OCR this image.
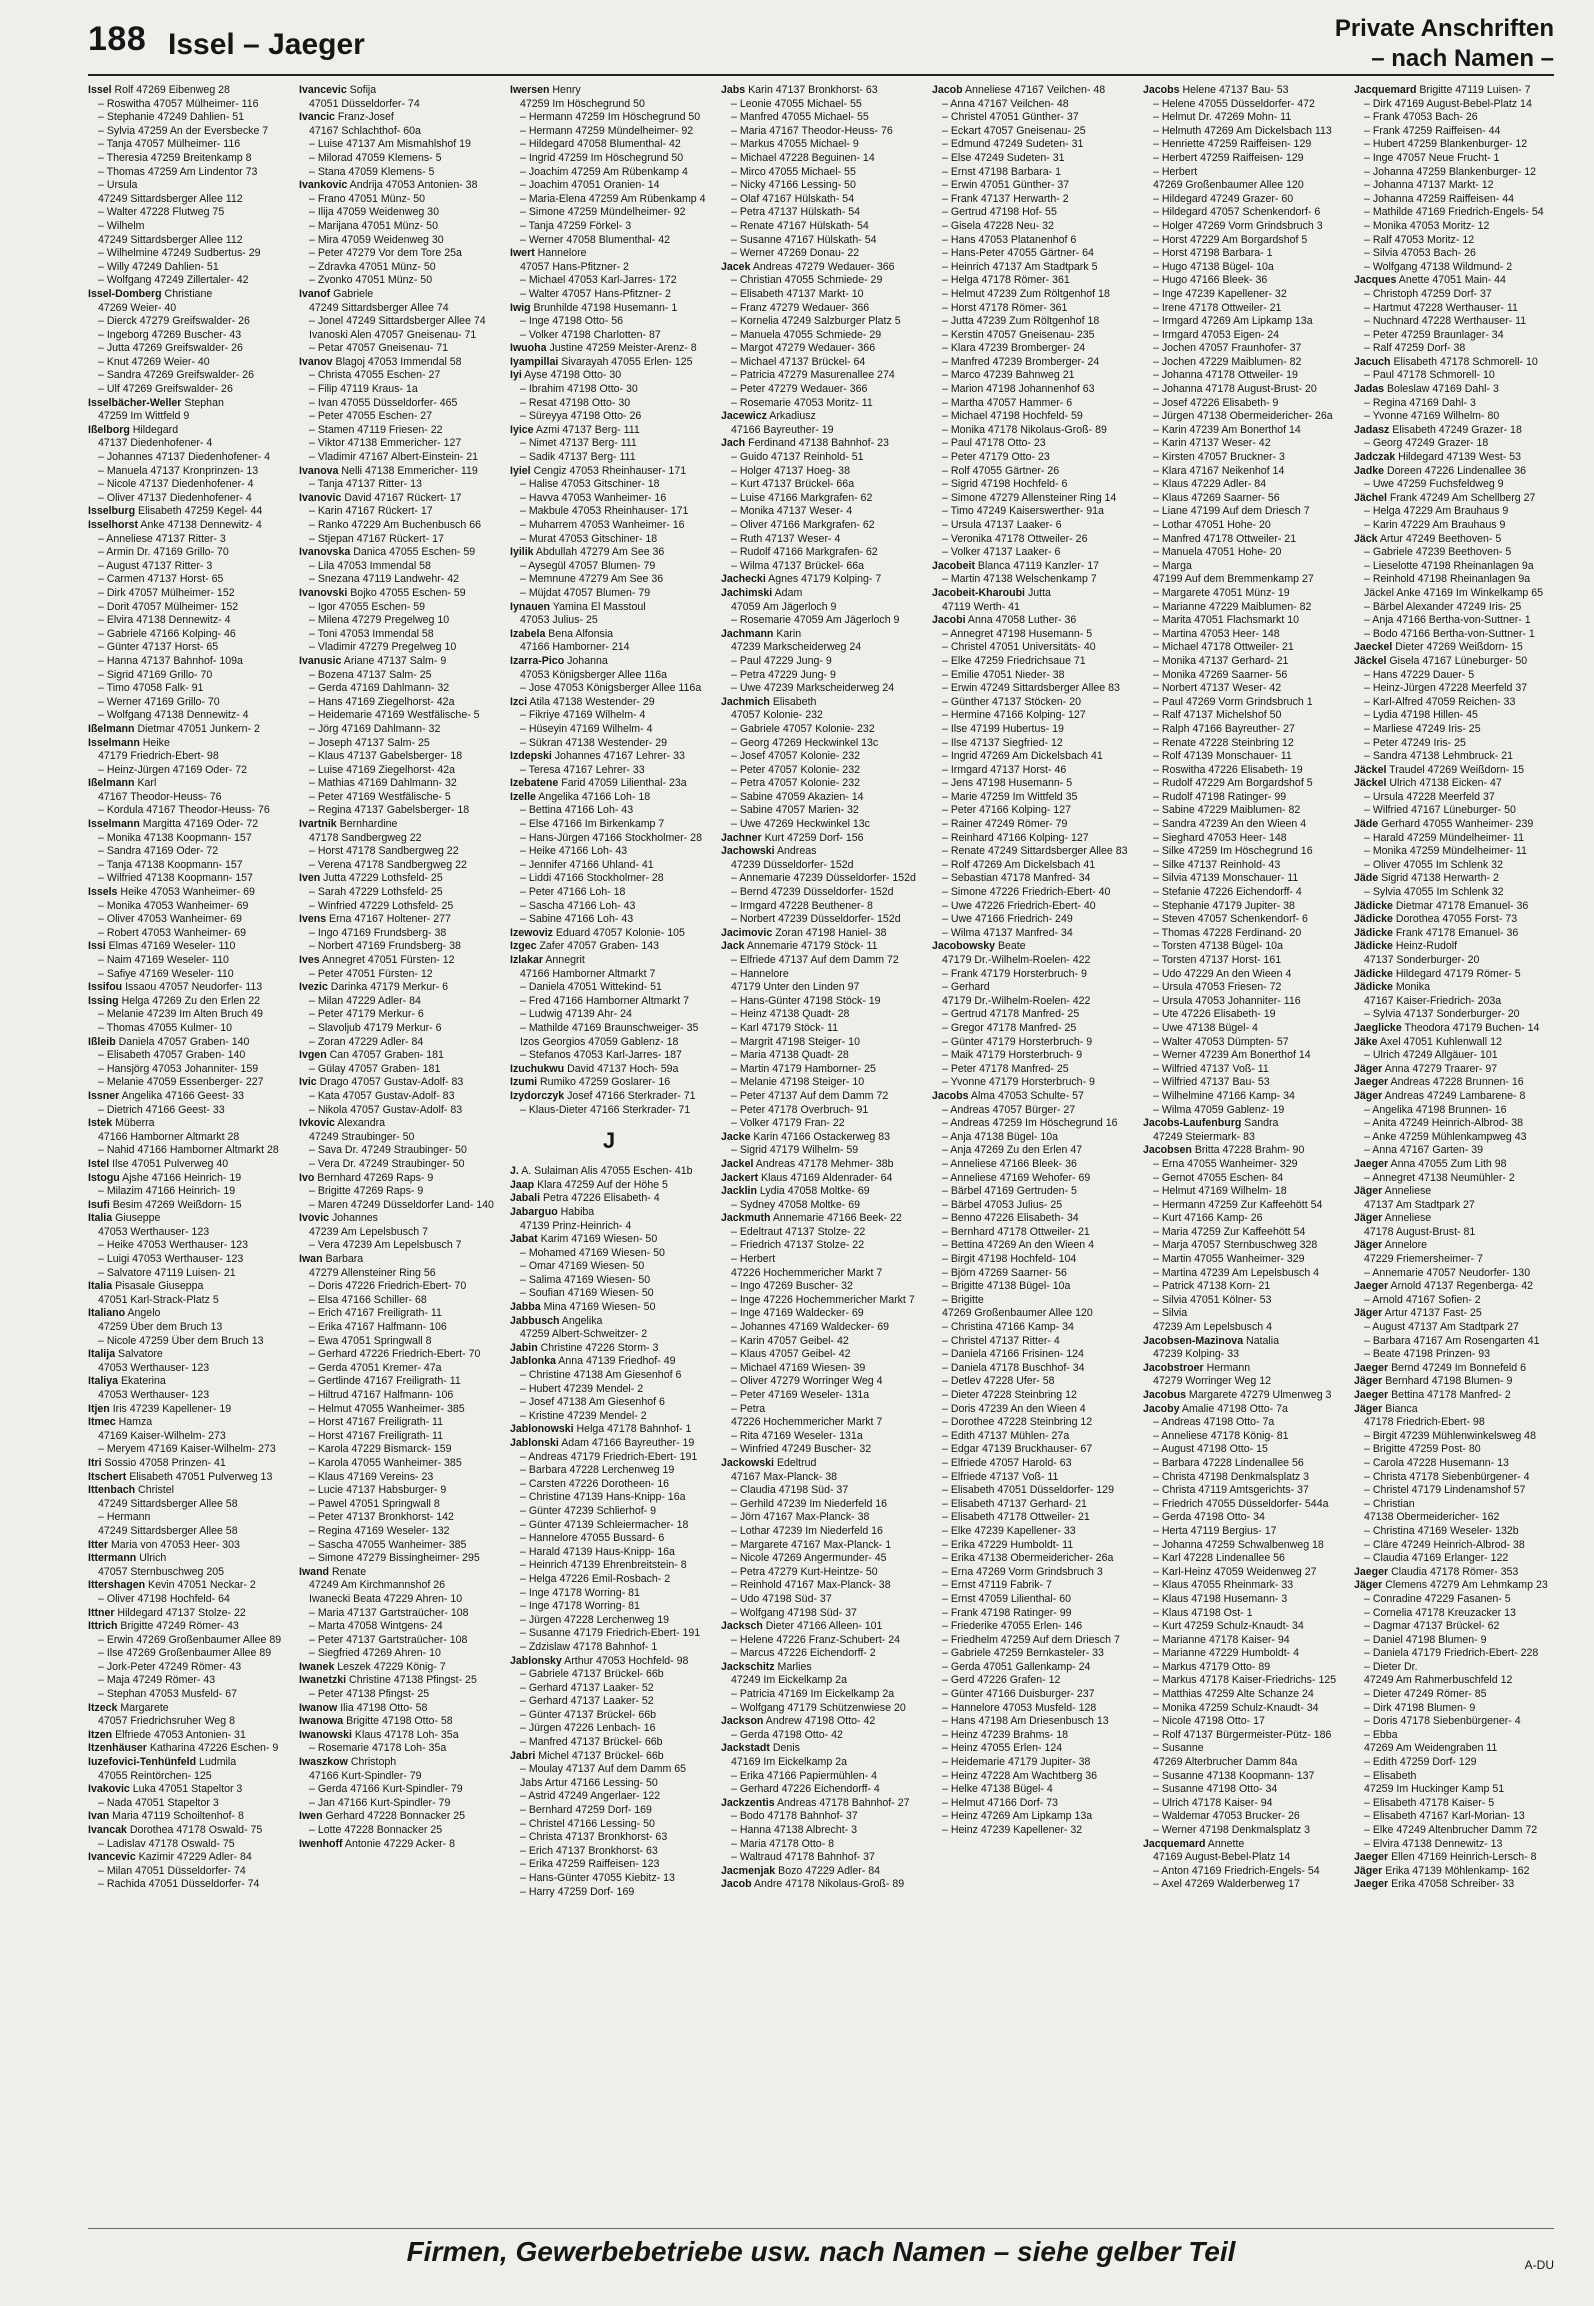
188 Issel – Jaeger	Private Anschriften
– nach Namen –
Issel Rolf 47269 Eibenweg 28
– Roswitha 47057 Mülheimer- 116
– Stephanie 47249 Dahlien- 51
– Sylvia 47259 An der Eversbecke 7
– Tanja 47057 Mülheimer- 116
– Theresia 47259 Breitenkamp 8
– Thomas 47259 Am Lindentor 73
– Ursula
47249 Sittardsberger Allee 112
– Walter 47228 Flutweg 75
– Wilhelm
47249 Sittardsberger Allee 112
– Wilhelmine 47249 Sudbertus- 29
– Willy 47249 Dahlien- 51
– Wolfgang 47249 Zillertaler- 42
Issel-Domberg Christiane
47269 Weier- 40
– Dierck 47279 Greifswalder- 26
– Ingeborg 47269 Buscher- 43
– Jutta 47269 Greifswalder- 26
– Knut 47269 Weier- 40
– Sandra 47269 Greifswalder- 26
– Ulf 47269 Greifswalder- 26
Isselbächer-Weller Stephan
47259 Im Wittfeld 9
Ißelborg Hildegard
47137 Diedenhofener- 4
– Johannes 47137 Diedenhofener- 4
– Manuela 47137 Kronprinzen- 13
– Nicole 47137 Diedenhofener- 4
– Oliver 47137 Diedenhofener- 4
Isselburg Elisabeth 47259 Kegel- 44
Isselhorst Anke 47138 Dennewitz- 4
– Anneliese 47137 Ritter- 3
– Armin Dr. 47169 Grillo- 70
– August 47137 Ritter- 3
– Carmen 47137 Horst- 65
– Dirk 47057 Mülheimer- 152
– Dorit 47057 Mülheimer- 152
– Elvira 47138 Dennewitz- 4
– Gabriele 47166 Kolping- 46
– Günter 47137 Horst- 65
– Hanna 47137 Bahnhof- 109a
– Sigrid 47169 Grillo- 70
– Timo 47058 Falk- 91
– Werner 47169 Grillo- 70
– Wolfgang 47138 Dennewitz- 4
Ißelmann Dietmar 47051 Junkern- 2
Isselmann Heike
47179 Friedrich-Ebert- 98
– Heinz-Jürgen 47169 Oder- 72
Ißelmann Karl
47167 Theodor-Heuss- 76
– Kordula 47167 Theodor-Heuss- 76
Isselmann Margitta 47169 Oder- 72
– Monika 47138 Koopmann- 157
– Sandra 47169 Oder- 72
– Tanja 47138 Koopmann- 157
– Wilfried 47138 Koopmann- 157
Issels Heike 47053 Wanheimer- 69
– Monika 47053 Wanheimer- 69
– Oliver 47053 Wanheimer- 69
– Robert 47053 Wanheimer- 69
Issi Elmas 47169 Weseler- 110
– Naim 47169 Weseler- 110
– Safiye 47169 Weseler- 110
Issifou Issaou 47057 Neudorfer- 113
Issing Helga 47269 Zu den Erlen 22
– Melanie 47239 Im Alten Bruch 49
– Thomas 47055 Kulmer- 10
Ißleib Daniela 47057 Graben- 140
– Elisabeth 47057 Graben- 140
– Hansjörg 47053 Johanniter- 159
– Melanie 47059 Essenberger- 227
Issner Angelika 47166 Geest- 33
– Dietrich 47166 Geest- 33
Istek Müberra
47166 Hamborner Altmarkt 28
– Nahid 47166 Hamborner Altmarkt 28
Istel Ilse 47051 Pulverweg 40
Istogu Ajshe 47166 Heinrich- 19
– Milazim 47166 Heinrich- 19
Isufi Besim 47269 Weißdorn- 15
Italia Giuseppe
47053 Werthauser- 123
– Heike 47053 Werthauser- 123
– Luigi 47053 Werthauser- 123
– Salvatore 47119 Luisen- 21
Italia Pisasale Giuseppa
47051 Karl-Strack-Platz 5
Italiano Angelo
47259 Über dem Bruch 13
– Nicole 47259 Über dem Bruch 13
Italija Salvatore
47053 Werthauser- 123
Italiya Ekaterina
47053 Werthauser- 123
Itjen Iris 47239 Kapellener- 19
Itmec Hamza
47169 Kaiser-Wilhelm- 273
– Meryem 47169 Kaiser-Wilhelm- 273
Itri Sossio 47058 Prinzen- 41
Itschert Elisabeth 47051 Pulverweg 13
Ittenbach Christel
47249 Sittardsberger Allee 58
– Hermann
47249 Sittardsberger Allee 58
Itter Maria von 47053 Heer- 303
Ittermann Ulrich
47057 Sternbuschweg 205
Ittershagen Kevin 47051 Neckar- 2
– Oliver 47198 Hochfeld- 64
Ittner Hildegard 47137 Stolze- 22
Ittrich Brigitte 47249 Römer- 43
– Erwin 47269 Großenbaumer Allee 89
– Ilse 47269 Großenbaumer Allee 89
– Jork-Peter 47249 Römer- 43
– Maja 47249 Römer- 43
– Stephan 47053 Musfeld- 67
Itzeck Margarete
47057 Friedrichsruher Weg 8
Itzen Elfriede 47053 Antonien- 31
Itzenhäuser Katharina 47226 Eschen- 9
Iuzefovici-Tenhünfeld Ludmila
47055 Reintörchen- 125
Ivakovic Luka 47051 Stapeltor 3
– Nada 47051 Stapeltor 3
Ivan Maria 47119 Schoiltenhof- 8
Ivancak Dorothea 47178 Oswald- 75
– Ladislav 47178 Oswald- 75
Ivancevic Kazimir 47229 Adler- 84
– Milan 47051 Düsseldorfer- 74
– Rachida 47051 Düsseldorfer- 74
Ivancevic Sofija
47051 Düsseldorfer- 74
Ivancic Franz-Josef
47167 Schlachthof- 60a
– Luise 47137 Am Mismahlshof 19
– Milorad 47059 Klemens- 5
– Stana 47059 Klemens- 5
Ivankovic Andrija 47053 Antonien- 38
– Frano 47051 Münz- 50
– Ilija 47059 Weidenweg 30
– Marijana 47051 Münz- 50
– Mira 47059 Weidenweg 30
– Peter 47279 Vor dem Tore 25a
– Zdravka 47051 Münz- 50
– Zvonko 47051 Münz- 50
Ivanof Gabriele
47249 Sittardsberger Allee 74
– Jonel 47249 Sittardsberger Allee 74
Ivanoski Alen 47057 Gneisenau- 71
– Petar 47057 Gneisenau- 71
Ivanov Blagoj 47053 Immendal 58
– Christa 47055 Eschen- 27
– Filip 47119 Kraus- 1a
– Ivan 47055 Düsseldorfer- 465
– Peter 47055 Eschen- 27
– Stamen 47119 Friesen- 22
– Viktor 47138 Emmericher- 127
– Vladimir 47167 Albert-Einstein- 21
Ivanova Nelli 47138 Emmericher- 119
– Tanja 47137 Ritter- 13
Ivanovic David 47167 Rückert- 17
– Karin 47167 Rückert- 17
– Ranko 47229 Am Buchenbusch 66
– Stjepan 47167 Rückert- 17
Ivanovska Danica 47055 Eschen- 59
– Lila 47053 Immendal 58
– Snezana 47119 Landwehr- 42
Ivanovski Bojko 47055 Eschen- 59
– Igor 47055 Eschen- 59
– Milena 47279 Pregelweg 10
– Toni 47053 Immendal 58
– Vladimir 47279 Pregelweg 10
Ivanusic Ariane 47137 Salm- 9
– Bozena 47137 Salm- 25
– Gerda 47169 Dahlmann- 32
– Hans 47169 Ziegelhorst- 42a
– Heidemarie 47169 Westfälische- 5
– Jörg 47169 Dahlmann- 32
– Joseph 47137 Salm- 25
– Klaus 47137 Gabelsberger- 18
– Luise 47169 Ziegelhorst- 42a
– Mathias 47169 Dahlmann- 32
– Peter 47169 Westfälische- 5
– Regina 47137 Gabelsberger- 18
Ivartnik Bernhardine
47178 Sandbergweg 22
– Horst 47178 Sandbergweg 22
– Verena 47178 Sandbergweg 22
Iven Jutta 47229 Lothsfeld- 25
– Sarah 47229 Lothsfeld- 25
– Winfried 47229 Lothsfeld- 25
Ivens Erna 47167 Holtener- 277
– Ingo 47169 Frundsberg- 38
– Norbert 47169 Frundsberg- 38
Ives Annegret 47051 Fürsten- 12
– Peter 47051 Fürsten- 12
Ivezic Darinka 47179 Merkur- 6
– Milan 47229 Adler- 84
– Peter 47179 Merkur- 6
– Slavoljub 47179 Merkur- 6
– Zoran 47229 Adler- 84
Ivgen Can 47057 Graben- 181
– Gülay 47057 Graben- 181
Ivic Drago 47057 Gustav-Adolf- 83
– Kata 47057 Gustav-Adolf- 83
– Nikola 47057 Gustav-Adolf- 83
Ivkovic Alexandra
47249 Straubinger- 50
– Sava Dr. 47249 Straubinger- 50
– Vera Dr. 47249 Straubinger- 50
Ivo Bernhard 47269 Raps- 9
– Brigitte 47269 Raps- 9
– Maren 47249 Düsseldorfer Land- 140
Ivovic Johannes
47239 Am Lepelsbusch 7
– Vera 47239 Am Lepelsbusch 7
Iwan Barbara
47279 Allensteiner Ring 56
– Doris 47226 Friedrich-Ebert- 70
– Elsa 47166 Schiller- 68
– Erich 47167 Freiligrath- 11
– Erika 47167 Halfmann- 106
– Ewa 47051 Springwall 8
– Gerhard 47226 Friedrich-Ebert- 70
– Gerda 47051 Kremer- 47a
– Gertlinde 47167 Freiligrath- 11
– Hiltrud 47167 Halfmann- 106
– Helmut 47055 Wanheimer- 385
– Horst 47167 Freiligrath- 11
– Horst 47167 Freiligrath- 11
– Karola 47229 Bismarck- 159
– Karola 47055 Wanheimer- 385
– Klaus 47169 Vereins- 23
– Lucie 47137 Habsburger- 9
– Pawel 47051 Springwall 8
– Peter 47137 Bronkhorst- 142
– Regina 47169 Weseler- 132
– Sascha 47055 Wanheimer- 385
– Simone 47279 Bissingheimer- 295
Iwand Renate
47249 Am Kirchmannshof 26
Iwanecki Beata 47229 Ahren- 10
– Maria 47137 Gartstraücher- 108
– Marta 47058 Wintgens- 24
– Peter 47137 Gartstraücher- 108
– Siegfried 47269 Ahren- 10
Iwanek Leszek 47229 König- 7
Iwanetzki Christine 47138 Pfingst- 25
– Peter 47138 Pfingst- 25
Iwanow Ilia 47198 Otto- 58
Iwanowa Brigitte 47198 Otto- 58
Iwanowski Klaus 47178 Loh- 35a
– Rosemarie 47178 Loh- 35a
Iwaszkow Christoph
47166 Kurt-Spindler- 79
– Gerda 47166 Kurt-Spindler- 79
– Jan 47166 Kurt-Spindler- 79
Iwen Gerhard 47228 Bonnacker 25
– Lotte 47228 Bonnacker 25
Iwenhoff Antonie 47229 Acker- 8
Iwersen Henry
47259 Im Höschegrund 50
– Hermann 47259 Im Höschegrund 50
– Hermann 47259 Mündelheimer- 92
– Hildegard 47058 Blumenthal- 42
– Ingrid 47259 Im Höschegrund 50
– Joachim 47259 Am Rübenkamp 4
– Joachim 47051 Oranien- 14
– Maria-Elena 47259 Am Rübenkamp 4
– Simone 47259 Mündelheimer- 92
– Tanja 47259 Förkel- 3
– Werner 47058 Blumenthal- 42
Iwert Hannelore
47057 Hans-Pfitzner- 2
– Michael 47053 Karl-Jarres- 172
– Walter 47057 Hans-Pfitzner- 2
Iwig Brunhilde 47198 Husemann- 1
– Inge 47198 Otto- 56
– Volker 47198 Charlotten- 87
Iwuoha Justine 47259 Meister-Arenz- 8
Iyampillai Sivarayah 47055 Erlen- 125
Iyi Ayse 47198 Otto- 30
– Ibrahim 47198 Otto- 30
– Resat 47198 Otto- 30
– Süreyya 47198 Otto- 26
Iyice Azmi 47137 Berg- 111
– Nimet 47137 Berg- 111
– Sadik 47137 Berg- 111
Iyiel Cengiz 47053 Rheinhauser- 171
– Halise 47053 Gitschiner- 18
– Havva 47053 Wanheimer- 16
– Makbule 47053 Rheinhauser- 171
– Muharrem 47053 Wanheimer- 16
– Murat 47053 Gitschiner- 18
Iyilik Abdullah 47279 Am See 36
– Aysegül 47057 Blumen- 79
– Memnune 47279 Am See 36
– Müjdat 47057 Blumen- 79
Iynauen Yamina El Masstoul
47053 Julius- 25
Izabela Bena Alfonsia
47166 Hamborner- 214
Izarra-Pico Johanna
47053 Königsberger Allee 116a
– Jose 47053 Königsberger Allee 116a
Izci Atila 47138 Westender- 29
– Fikriye 47169 Wilhelm- 4
– Hüseyin 47169 Wilhelm- 4
– Sükran 47138 Westender- 29
Izdepski Johannes 47167 Lehrer- 33
– Teresa 47167 Lehrer- 33
Izebatene Farid 47059 Lilienthal- 23a
Izelle Angelika 47166 Loh- 18
– Bettina 47166 Loh- 43
– Else 47166 Im Birkenkamp 7
– Hans-Jürgen 47166 Stockholmer- 28
– Heike 47166 Loh- 43
– Jennifer 47166 Uhland- 41
– Liddi 47166 Stockholmer- 28
– Peter 47166 Loh- 18
– Sascha 47166 Loh- 43
– Sabine 47166 Loh- 43
Izewoviz Eduard 47057 Kolonie- 105
Izgec Zafer 47057 Graben- 143
Izlakar Annegrit
47166 Hamborner Altmarkt 7
– Daniela 47051 Wittekind- 51
– Fred 47166 Hamborner Altmarkt 7
– Ludwig 47139 Ahr- 24
– Mathilde 47169 Braunschweiger- 35
Izos Georgios 47059 Gablenz- 18
– Stefanos 47053 Karl-Jarres- 187
Izuchukwu David 47137 Hoch- 59a
Izumi Rumiko 47259 Goslarer- 16
Izydorczyk Josef 47166 Sterkrader- 71
– Klaus-Dieter 47166 Sterkrader- 71
J
J. A. Sulaiman Alis 47055 Eschen- 41b
Jaap Klara 47259 Auf der Höhe 5
Jabali Petra 47226 Elisabeth- 4
Jabarguo Habiba
47139 Prinz-Heinrich- 4
Jabat Karim 47169 Wiesen- 50
– Mohamed 47169 Wiesen- 50
– Omar 47169 Wiesen- 50
– Salima 47169 Wiesen- 50
– Soufian 47169 Wiesen- 50
Jabba Mina 47169 Wiesen- 50
Jabbusch Angelika
47259 Albert-Schweitzer- 2
Jabin Christine 47226 Storm- 3
Jablonka Anna 47139 Friedhof- 49
– Christine 47138 Am Giesenhof 6
– Hubert 47239 Mendel- 2
– Josef 47138 Am Giesenhof 6
– Kristine 47239 Mendel- 2
Jablonowski Helga 47178 Bahnhof- 1
Jablonski Adam 47166 Bayreuther- 19
– Andreas 47179 Friedrich-Ebert- 191
– Barbara 47228 Lerchenweg 19
– Carsten 47226 Dorotheen- 16
– Christine 47139 Hans-Knipp- 16a
– Günter 47239 Schlierhof- 9
– Günter 47139 Schleiermacher- 18
– Hannelore 47055 Bussard- 6
– Harald 47139 Haus-Knipp- 16a
– Heinrich 47139 Ehrenbreitstein- 8
– Helga 47226 Emil-Rosbach- 2
– Inge 47178 Worring- 81
– Inge 47178 Worring- 81
– Jürgen 47228 Lerchenweg 19
– Susanne 47179 Friedrich-Ebert- 191
– Zdzislaw 47178 Bahnhof- 1
Jablonsky Arthur 47053 Hochfeld- 98
– Gabriele 47137 Brückel- 66b
– Gerhard 47137 Laaker- 52
– Gerhard 47137 Laaker- 52
– Günter 47137 Brückel- 66b
– Jürgen 47226 Lenbach- 16
– Manfred 47137 Brückel- 66b
Jabri Michel 47137 Brückel- 66b
– Moulay 47137 Auf dem Damm 65
Jabs Artur 47166 Lessing- 50
– Astrid 47249 Angerlaer- 122
– Bernhard 47259 Dorf- 169
– Christel 47166 Lessing- 50
– Christa 47137 Bronkhorst- 63
– Erich 47137 Bronkhorst- 63
– Erika 47259 Raiffeisen- 123
– Hans-Günter 47055 Kiebitz- 13
– Harry 47259 Dorf- 169
Jabs Karin 47137 Bronkhorst- 63
– Leonie 47055 Michael- 55
– Manfred 47055 Michael- 55
– Maria 47167 Theodor-Heuss- 76
– Markus 47055 Michael- 9
– Michael 47228 Beguinen- 14
– Mirco 47055 Michael- 55
– Nicky 47166 Lessing- 50
– Olaf 47167 Hülskath- 54
– Petra 47137 Hülskath- 54
– Renate 47167 Hülskath- 54
– Susanne 47167 Hülskath- 54
– Werner 47269 Donau- 22
Jacek Andreas 47279 Wedauer- 366
– Christian 47055 Schmiede- 29
– Elisabeth 47137 Markt- 10
– Franz 47279 Wedauer- 366
– Kornelia 47249 Salzburger Platz 5
– Manuela 47055 Schmiede- 29
– Margot 47279 Wedauer- 366
– Michael 47137 Brückel- 64
– Patricia 47279 Masurenallee 274
– Peter 47279 Wedauer- 366
– Rosemarie 47053 Moritz- 11
Jacewicz Arkadiusz
47166 Bayreuther- 19
Jach Ferdinand 47138 Bahnhof- 23
– Guido 47137 Reinhold- 51
– Holger 47137 Hoeg- 38
– Kurt 47137 Brückel- 66a
– Luise 47166 Markgrafen- 62
– Monika 47137 Weser- 4
– Oliver 47166 Markgrafen- 62
– Ruth 47137 Weser- 4
– Rudolf 47166 Markgrafen- 62
– Wilma 47137 Brückel- 66a
Jachecki Agnes 47179 Kolping- 7
Jachimski Adam
47059 Am Jägerloch 9
– Rosemarie 47059 Am Jägerloch 9
Jachmann Karin
47239 Markscheiderweg 24
– Paul 47229 Jung- 9
– Petra 47229 Jung- 9
– Uwe 47239 Markscheiderweg 24
Jachmich Elisabeth
47057 Kolonie- 232
– Gabriele 47057 Kolonie- 232
– Georg 47269 Heckwinkel 13c
– Josef 47057 Kolonie- 232
– Peter 47057 Kolonie- 232
– Petra 47057 Kolonie- 232
– Sabine 47059 Akazien- 14
– Sabine 47057 Marien- 32
– Uwe 47269 Heckwinkel 13c
Jachner Kurt 47259 Dorf- 156
Jachowski Andreas
47239 Düsseldorfer- 152d
– Annemarie 47239 Düsseldorfer- 152d
– Bernd 47239 Düsseldorfer- 152d
– Irmgard 47228 Beuthener- 8
– Norbert 47239 Düsseldorfer- 152d
Jacimovic Zoran 47198 Haniel- 38
Jack Annemarie 47179 Stöck- 11
– Elfriede 47137 Auf dem Damm 72
– Hannelore
47179 Unter den Linden 97
– Hans-Günter 47198 Stöck- 19
– Heinz 47138 Quadt- 28
– Karl 47179 Stöck- 11
– Margrit 47198 Steiger- 10
– Maria 47138 Quadt- 28
– Martin 47179 Hamborner- 25
– Melanie 47198 Steiger- 10
– Peter 47137 Auf dem Damm 72
– Peter 47178 Overbruch- 91
– Volker 47179 Fran- 22
Jacke Karin 47166 Ostackerweg 83
– Sigrid 47179 Wilhelm- 59
Jackel Andreas 47178 Mehmer- 38b
Jackert Klaus 47169 Aldenrader- 64
Jacklin Lydia 47058 Moltke- 69
– Sydney 47058 Moltke- 69
Jackmuth Annemarie 47166 Beek- 22
– Edeltraut 47137 Stolze- 22
– Friedrich 47137 Stolze- 22
– Herbert
47226 Hochemmericher Markt 7
– Ingo 47269 Buscher- 32
– Inge 47226 Hochemmericher Markt 7
– Inge 47169 Waldecker- 69
– Johannes 47169 Waldecker- 69
– Karin 47057 Geibel- 42
– Klaus 47057 Geibel- 42
– Michael 47169 Wiesen- 39
– Oliver 47279 Worringer Weg 4
– Peter 47169 Weseler- 131a
– Petra
47226 Hochemmericher Markt 7
– Rita 47169 Weseler- 131a
– Winfried 47249 Buscher- 32
Jackowski Edeltrud
47167 Max-Planck- 38
– Claudia 47198 Süd- 37
– Gerhild 47239 Im Niederfeld 16
– Jörn 47167 Max-Planck- 38
– Lothar 47239 Im Niederfeld 16
– Margarete 47167 Max-Planck- 1
– Nicole 47269 Angermunder- 45
– Petra 47279 Kurt-Heintze- 50
– Reinhold 47167 Max-Planck- 38
– Udo 47198 Süd- 37
– Wolfgang 47198 Süd- 37
Jacksch Dieter 47166 Alleen- 101
– Helene 47226 Franz-Schubert- 24
– Marcus 47226 Eichendorff- 2
Jackschitz Marlies
47249 Im Eickelkamp 2a
– Patricia 47169 Im Eickelkamp 2a
– Wolfgang 47179 Schützenwiese 20
Jackson Andrew 47198 Otto- 42
– Gerda 47198 Otto- 42
Jackstadt Denis
47169 Im Eickelkamp 2a
– Erika 47166 Papiermühlen- 4
– Gerhard 47226 Eichendorff- 4
Jackzentis Andreas 47178 Bahnhof- 27
– Bodo 47178 Bahnhof- 37
– Hanna 47138 Albrecht- 3
– Maria 47178 Otto- 8
– Waltraud 47178 Bahnhof- 37
Jacmenjak Bozo 47229 Adler- 84
Jacob Andre 47178 Nikolaus-Groß- 89
Jacob Anneliese 47167 Veilchen- 48
– Anna 47167 Veilchen- 48
– Christel 47051 Günther- 37
– Eckart 47057 Gneisenau- 25
– Edmund 47249 Sudeten- 31
– Else 47249 Sudeten- 31
– Ernst 47198 Barbara- 1
– Erwin 47051 Günther- 37
– Frank 47137 Herwarth- 2
– Gertrud 47198 Hof- 55
– Gisela 47228 Neu- 32
– Hans 47053 Platanenhof 6
– Hans-Peter 47055 Gärtner- 64
– Heinrich 47137 Am Stadtpark 5
– Helga 47178 Römer- 361
– Helmut 47239 Zum Röltgenhof 18
– Horst 47178 Römer- 361
– Jutta 47239 Zum Röltgenhof 18
– Kerstin 47057 Gneisenau- 235
– Klara 47239 Bromberger- 24
– Manfred 47239 Bromberger- 24
– Marco 47239 Bahnweg 21
– Marion 47198 Johannenhof 63
– Martha 47057 Hammer- 6
– Michael 47198 Hochfeld- 59
– Monika 47178 Nikolaus-Groß- 89
– Paul 47178 Otto- 23
– Peter 47179 Otto- 23
– Rolf 47055 Gärtner- 26
– Sigrid 47198 Hochfeld- 6
– Simone 47279 Allensteiner Ring 14
– Timo 47249 Kaiserswerther- 91a
– Ursula 47137 Laaker- 6
– Veronika 47178 Ottweiler- 26
– Volker 47137 Laaker- 6
Jacobeit Blanca 47119 Kanzler- 17
– Martin 47138 Welschenkamp 7
Jacobeit-Kharoubi Jutta
47119 Werth- 41
Jacobi Anna 47058 Luther- 36
– Annegret 47198 Husemann- 5
– Christel 47051 Universitäts- 40
– Elke 47259 Friedrichsaue 71
– Emilie 47051 Nieder- 38
– Erwin 47249 Sittardsberger Allee 83
– Günther 47137 Stöcken- 20
– Hermine 47166 Kolping- 127
– Ilse 47199 Hubertus- 19
– Ilse 47137 Siegfried- 12
– Ingrid 47269 Am Dickelsbach 41
– Irmgard 47137 Horst- 46
– Jens 47198 Husemann- 5
– Marie 47259 Im Wittfeld 35
– Peter 47166 Kolping- 127
– Rainer 47249 Römer- 79
– Reinhard 47166 Kolping- 127
– Renate 47249 Sittardsberger Allee 83
– Rolf 47269 Am Dickelsbach 41
– Sebastian 47178 Manfred- 34
– Simone 47226 Friedrich-Ebert- 40
– Uwe 47226 Friedrich-Ebert- 40
– Uwe 47166 Friedrich- 249
– Wilma 47137 Manfred- 34
Jacobowsky Beate
47179 Dr.-Wilhelm-Roelen- 422
– Frank 47179 Horsterbruch- 9
– Gerhard
47179 Dr.-Wilhelm-Roelen- 422
– Gertrud 47178 Manfred- 25
– Gregor 47178 Manfred- 25
– Günter 47179 Horsterbruch- 9
– Maik 47179 Horsterbruch- 9
– Peter 47178 Manfred- 25
– Yvonne 47179 Horsterbruch- 9
Jacobs Alma 47053 Schulte- 57
– Andreas 47057 Bürger- 27
– Andreas 47259 Im Höschegrund 16
– Anja 47138 Bügel- 10a
– Anja 47269 Zu den Erlen 47
– Anneliese 47166 Bleek- 36
– Anneliese 47169 Wehofer- 69
– Bärbel 47169 Gertruden- 5
– Bärbel 47053 Julius- 25
– Benno 47226 Elisabeth- 34
– Bernhard 47178 Ottweiler- 21
– Bettina 47269 An den Wieen 4
– Birgit 47198 Hochfeld- 104
– Björn 47269 Saarner- 56
– Brigitte 47138 Bügel- 10a
– Brigitte
47269 Großenbaumer Allee 120
– Christina 47166 Kamp- 34
– Christel 47137 Ritter- 4
– Daniela 47166 Frisinen- 124
– Daniela 47178 Buschhof- 34
– Detlev 47228 Ufer- 58
– Dieter 47228 Steinbring 12
– Doris 47239 An den Wieen 4
– Dorothee 47228 Steinbring 12
– Edith 47137 Mühlen- 27a
– Edgar 47139 Bruckhauser- 67
– Elfriede 47057 Harold- 63
– Elfriede 47137 Voß- 11
– Elisabeth 47051 Düsseldorfer- 129
– Elisabeth 47137 Gerhard- 21
– Elisabeth 47178 Ottweiler- 21
– Elke 47239 Kapellener- 33
– Erika 47229 Humboldt- 11
– Erika 47138 Obermeidericher- 26a
– Erna 47269 Vorm Grindsbruch 3
– Ernst 47119 Fabrik- 7
– Ernst 47059 Lilienthal- 60
– Frank 47198 Ratinger- 99
– Friederike 47055 Erlen- 146
– Friedhelm 47259 Auf dem Driesch 7
– Gabriele 47259 Bernkasteler- 33
– Gerda 47051 Gallenkamp- 24
– Gerd 47226 Grafen- 12
– Günter 47166 Duisburger- 237
– Hannelore 47053 Musfeld- 128
– Hans 47198 Am Driesenbusch 13
– Heinz 47239 Brahms- 18
– Heinz 47055 Erlen- 124
– Heidemarie 47179 Jupiter- 38
– Heinz 47228 Am Wachtberg 36
– Helke 47138 Bügel- 4
– Helmut 47166 Dorf- 73
– Heinz 47269 Am Lipkamp 13a
– Heinz 47239 Kapellener- 32
Jacobs Helene 47137 Bau- 53
– Helene 47055 Düsseldorfer- 472
– Helmut Dr. 47269 Mohn- 11
– Helmuth 47269 Am Dickelsbach 113
– Henriette 47259 Raiffeisen- 129
– Herbert 47259 Raiffeisen- 129
– Herbert
47269 Großenbaumer Allee 120
– Hildegard 47249 Grazer- 60
– Hildegard 47057 Schenkendorf- 6
– Holger 47269 Vorm Grindsbruch 3
– Horst 47229 Am Borgardshof 5
– Horst 47198 Barbara- 1
– Hugo 47138 Bügel- 10a
– Hugo 47166 Bleek- 36
– Inge 47239 Kapellener- 32
– Irene 47178 Ottweiler- 21
– Irmgard 47269 Am Lipkamp 13a
– Irmgard 47053 Eigen- 24
– Jochen 47057 Fraunhofer- 37
– Jochen 47229 Maiblumen- 82
– Johanna 47178 Ottweiler- 19
– Johanna 47178 August-Brust- 20
– Josef 47226 Elisabeth- 9
– Jürgen 47138 Obermeidericher- 26a
– Karin 47239 Am Bonerthof 14
– Karin 47137 Weser- 42
– Kirsten 47057 Bruckner- 3
– Klara 47167 Neikenhof 14
– Klaus 47229 Adler- 84
– Klaus 47269 Saarner- 56
– Liane 47199 Auf dem Driesch 7
– Lothar 47051 Hohe- 20
– Manfred 47178 Ottweiler- 21
– Manuela 47051 Hohe- 20
– Marga
47199 Auf dem Bremmenkamp 27
– Margarete 47051 Münz- 19
– Marianne 47229 Maiblumen- 82
– Marita 47051 Flachsmarkt 10
– Martina 47053 Heer- 148
– Michael 47178 Ottweiler- 21
– Monika 47137 Gerhard- 21
– Monika 47269 Saarner- 56
– Norbert 47137 Weser- 42
– Paul 47269 Vorm Grindsbruch 1
– Ralf 47137 Michelshof 50
– Ralph 47166 Bayreuther- 27
– Renate 47228 Steinbring 12
– Rolf 47139 Monschauer- 11
– Roswitha 47226 Elisabeth- 19
– Rudolf 47229 Am Borgardshof 5
– Rudolf 47198 Ratinger- 99
– Sabine 47229 Maiblumen- 82
– Sandra 47239 An den Wieen 4
– Sieghard 47053 Heer- 148
– Silke 47259 Im Höschegrund 16
– Silke 47137 Reinhold- 43
– Silvia 47139 Monschauer- 11
– Stefanie 47226 Eichendorff- 4
– Stephanie 47179 Jupiter- 38
– Steven 47057 Schenkendorf- 6
– Thomas 47228 Ferdinand- 20
– Torsten 47138 Bügel- 10a
– Torsten 47137 Horst- 161
– Udo 47229 An den Wieen 4
– Ursula 47053 Friesen- 72
– Ursula 47053 Johanniter- 116
– Ute 47226 Elisabeth- 19
– Uwe 47138 Bügel- 4
– Walter 47053 Dümpten- 57
– Werner 47239 Am Bonerthof 14
– Wilfried 47137 Voß- 11
– Wilfried 47137 Bau- 53
– Wilhelmine 47166 Kamp- 34
– Wilma 47059 Gablenz- 19
Jacobs-Laufenburg Sandra
47249 Steiermark- 83
Jacobsen Britta 47228 Brahm- 90
– Erna 47055 Wanheimer- 329
– Gernot 47055 Eschen- 84
– Helmut 47169 Wilhelm- 18
– Hermann 47259 Zur Kaffeehött 54
– Kurt 47166 Kamp- 26
– Maria 47259 Zur Kaffeehött 54
– Marja 47057 Sternbuschweg 328
– Martin 47055 Wanheimer- 329
– Martina 47239 Am Lepelsbusch 4
– Patrick 47138 Korn- 21
– Silvia 47051 Kölner- 53
– Silvia
47239 Am Lepelsbusch 4
Jacobsen-Mazinova Natalia
47239 Kolping- 33
Jacobstroer Hermann
47279 Worringer Weg 12
Jacobus Margarete 47279 Ulmenweg 3
Jacoby Amalie 47198 Otto- 7a
– Andreas 47198 Otto- 7a
– Anneliese 47178 König- 81
– August 47198 Otto- 15
– Barbara 47228 Lindenallee 56
– Christa 47198 Denkmalsplatz 3
– Christa 47119 Amtsgerichts- 37
– Friedrich 47055 Düsseldorfer- 544a
– Gerda 47198 Otto- 34
– Herta 47119 Bergius- 17
– Johanna 47259 Schwalbenweg 18
– Karl 47228 Lindenallee 56
– Karl-Heinz 47059 Weidenweg 27
– Klaus 47055 Rheinmark- 33
– Klaus 47198 Husemann- 3
– Klaus 47198 Ost- 1
– Kurt 47259 Schulz-Knaudt- 34
– Marianne 47178 Kaiser- 94
– Marianne 47229 Humboldt- 4
– Markus 47179 Otto- 89
– Markus 47178 Kaiser-Friedrichs- 125
– Matthias 47259 Alte Schanze 24
– Monika 47259 Schulz-Knaudt- 34
– Nicole 47198 Otto- 17
– Rolf 47137 Bürgermeister-Pütz- 186
– Susanne
47269 Alterbrucher Damm 84a
– Susanne 47138 Koopmann- 137
– Susanne 47198 Otto- 34
– Ulrich 47178 Kaiser- 94
– Waldemar 47053 Brucker- 26
– Werner 47198 Denkmalsplatz 3
Jacquemard Annette
47169 August-Bebel-Platz 14
– Anton 47169 Friedrich-Engels- 54
– Axel 47269 Walderberweg 17
Jacquemard Brigitte 47119 Luisen- 7
– Dirk 47169 August-Bebel-Platz 14
– Frank 47053 Bach- 26
– Frank 47259 Raiffeisen- 44
– Hubert 47259 Blankenburger- 12
– Inge 47057 Neue Frucht- 1
– Johanna 47259 Blankenburger- 12
– Johanna 47137 Markt- 12
– Johanna 47259 Raiffeisen- 44
– Mathilde 47169 Friedrich-Engels- 54
– Monika 47053 Moritz- 12
– Ralf 47053 Moritz- 12
– Silvia 47053 Bach- 26
– Wolfgang 47138 Wildmund- 2
Jacques Anette 47051 Main- 44
– Christoph 47259 Dorf- 37
– Hartmut 47228 Werthauser- 11
– Nuchnard 47228 Werthauser- 11
– Peter 47259 Braunlager- 34
– Ralf 47259 Dorf- 38
Jacuch Elisabeth 47178 Schmorell- 10
– Paul 47178 Schmorell- 10
Jadas Boleslaw 47169 Dahl- 3
– Regina 47169 Dahl- 3
– Yvonne 47169 Wilhelm- 80
Jadasz Elisabeth 47249 Grazer- 18
– Georg 47249 Grazer- 18
Jadczak Hildegard 47139 West- 53
Jadke Doreen 47226 Lindenallee 36
– Uwe 47259 Fuchsfeldweg 9
Jächel Frank 47249 Am Schellberg 27
– Helga 47229 Am Brauhaus 9
– Karin 47229 Am Brauhaus 9
Jäck Artur 47249 Beethoven- 5
– Gabriele 47239 Beethoven- 5
– Lieselotte 47198 Rheinanlagen 9a
– Reinhold 47198 Rheinanlagen 9a
Jäckel Anke 47169 Im Winkelkamp 65
– Bärbel Alexander 47249 Iris- 25
– Anja 47166 Bertha-von-Suttner- 1
– Bodo 47166 Bertha-von-Suttner- 1
Jaeckel Dieter 47269 Weißdorn- 15
Jäckel Gisela 47167 Lüneburger- 50
– Hans 47229 Dauer- 5
– Heinz-Jürgen 47228 Meerfeld 37
– Karl-Alfred 47059 Reichen- 33
– Lydia 47198 Hillen- 45
– Marliese 47249 Iris- 25
– Peter 47249 Iris- 25
– Sandra 47138 Lehmbruck- 21
Jäckel Traudel 47269 Weißdorn- 15
Jäckel Ulrich 47138 Eicken- 47
– Ursula 47228 Meerfeld 37
– Wilfried 47167 Lüneburger- 50
Jäde Gerhard 47055 Wanheimer- 239
– Harald 47259 Mündelheimer- 11
– Monika 47259 Mündelheimer- 11
– Oliver 47055 Im Schlenk 32
Jäde Sigrid 47138 Herwarth- 2
– Sylvia 47055 Im Schlenk 32
Jädicke Dietmar 47178 Emanuel- 36
Jädicke Dorothea 47055 Forst- 73
Jädicke Frank 47178 Emanuel- 36
Jädicke Heinz-Rudolf
47137 Sonderburger- 20
Jädicke Hildegard 47179 Römer- 5
Jädicke Monika
47167 Kaiser-Friedrich- 203a
– Sylvia 47137 Sonderburger- 20
Jaeglicke Theodora 47179 Buchen- 14
Jäke Axel 47051 Kuhlenwall 12
– Ulrich 47249 Allgäuer- 101
Jäger Anna 47279 Traarer- 97
Jaeger Andreas 47228 Brunnen- 16
Jäger Andreas 47249 Lambarene- 8
– Angelika 47198 Brunnen- 16
– Anita 47249 Heinrich-Albrod- 38
– Anke 47259 Mühlenkampweg 43
– Anna 47167 Garten- 39
Jaeger Anna 47055 Zum Lith 98
– Annegret 47138 Neumühler- 2
Jäger Anneliese
47137 Am Stadtpark 27
Jäger Anneliese
47178 August-Brust- 81
Jäger Annelore
47229 Friemersheimer- 7
– Annemarie 47057 Neudorfer- 130
Jaeger Arnold 47137 Regenberga- 42
– Arnold 47167 Sofien- 2
Jäger Artur 47137 Fast- 25
– August 47137 Am Stadtpark 27
– Barbara 47167 Am Rosengarten 41
– Beate 47198 Prinzen- 93
Jaeger Bernd 47249 Im Bonnefeld 6
Jäger Bernhard 47198 Blumen- 9
Jaeger Bettina 47178 Manfred- 2
Jäger Bianca
47178 Friedrich-Ebert- 98
– Birgit 47239 Mühlenwinkelsweg 48
– Brigitte 47259 Post- 80
– Carola 47228 Husemann- 13
– Christa 47178 Siebenbürgener- 4
– Christel 47179 Lindenamshof 57
– Christian
47138 Obermeidericher- 162
– Christina 47169 Weseler- 132b
– Cläre 47249 Heinrich-Albrod- 38
– Claudia 47169 Erlanger- 122
Jaeger Claudia 47178 Römer- 353
Jäger Clemens 47279 Am Lehmkamp 23
– Conradine 47229 Fasanen- 5
– Cornelia 47178 Kreuzacker 13
– Dagmar 47137 Brückel- 62
– Daniel 47198 Blumen- 9
– Daniela 47179 Friedrich-Ebert- 228
– Dieter Dr.
47249 Am Rahmerbuschfeld 12
– Dieter 47249 Römer- 85
– Dirk 47198 Blumen- 9
– Doris 47178 Siebenbürgener- 4
– Ebba
47269 Am Weidengraben 11
– Edith 47259 Dorf- 129
– Elisabeth
47259 Im Huckinger Kamp 51
– Elisabeth 47178 Kaiser- 5
– Elisabeth 47167 Karl-Morian- 13
– Elke 47249 Altenbrucher Damm 72
– Elvira 47138 Dennewitz- 13
Jaeger Ellen 47169 Heinrich-Lersch- 8
Jäger Erika 47139 Möhlenkamp- 162
Jaeger Erika 47058 Schreiber- 33
Firmen, Gewerbebetriebe usw. nach Namen – siehe gelber Teil	A-DU
